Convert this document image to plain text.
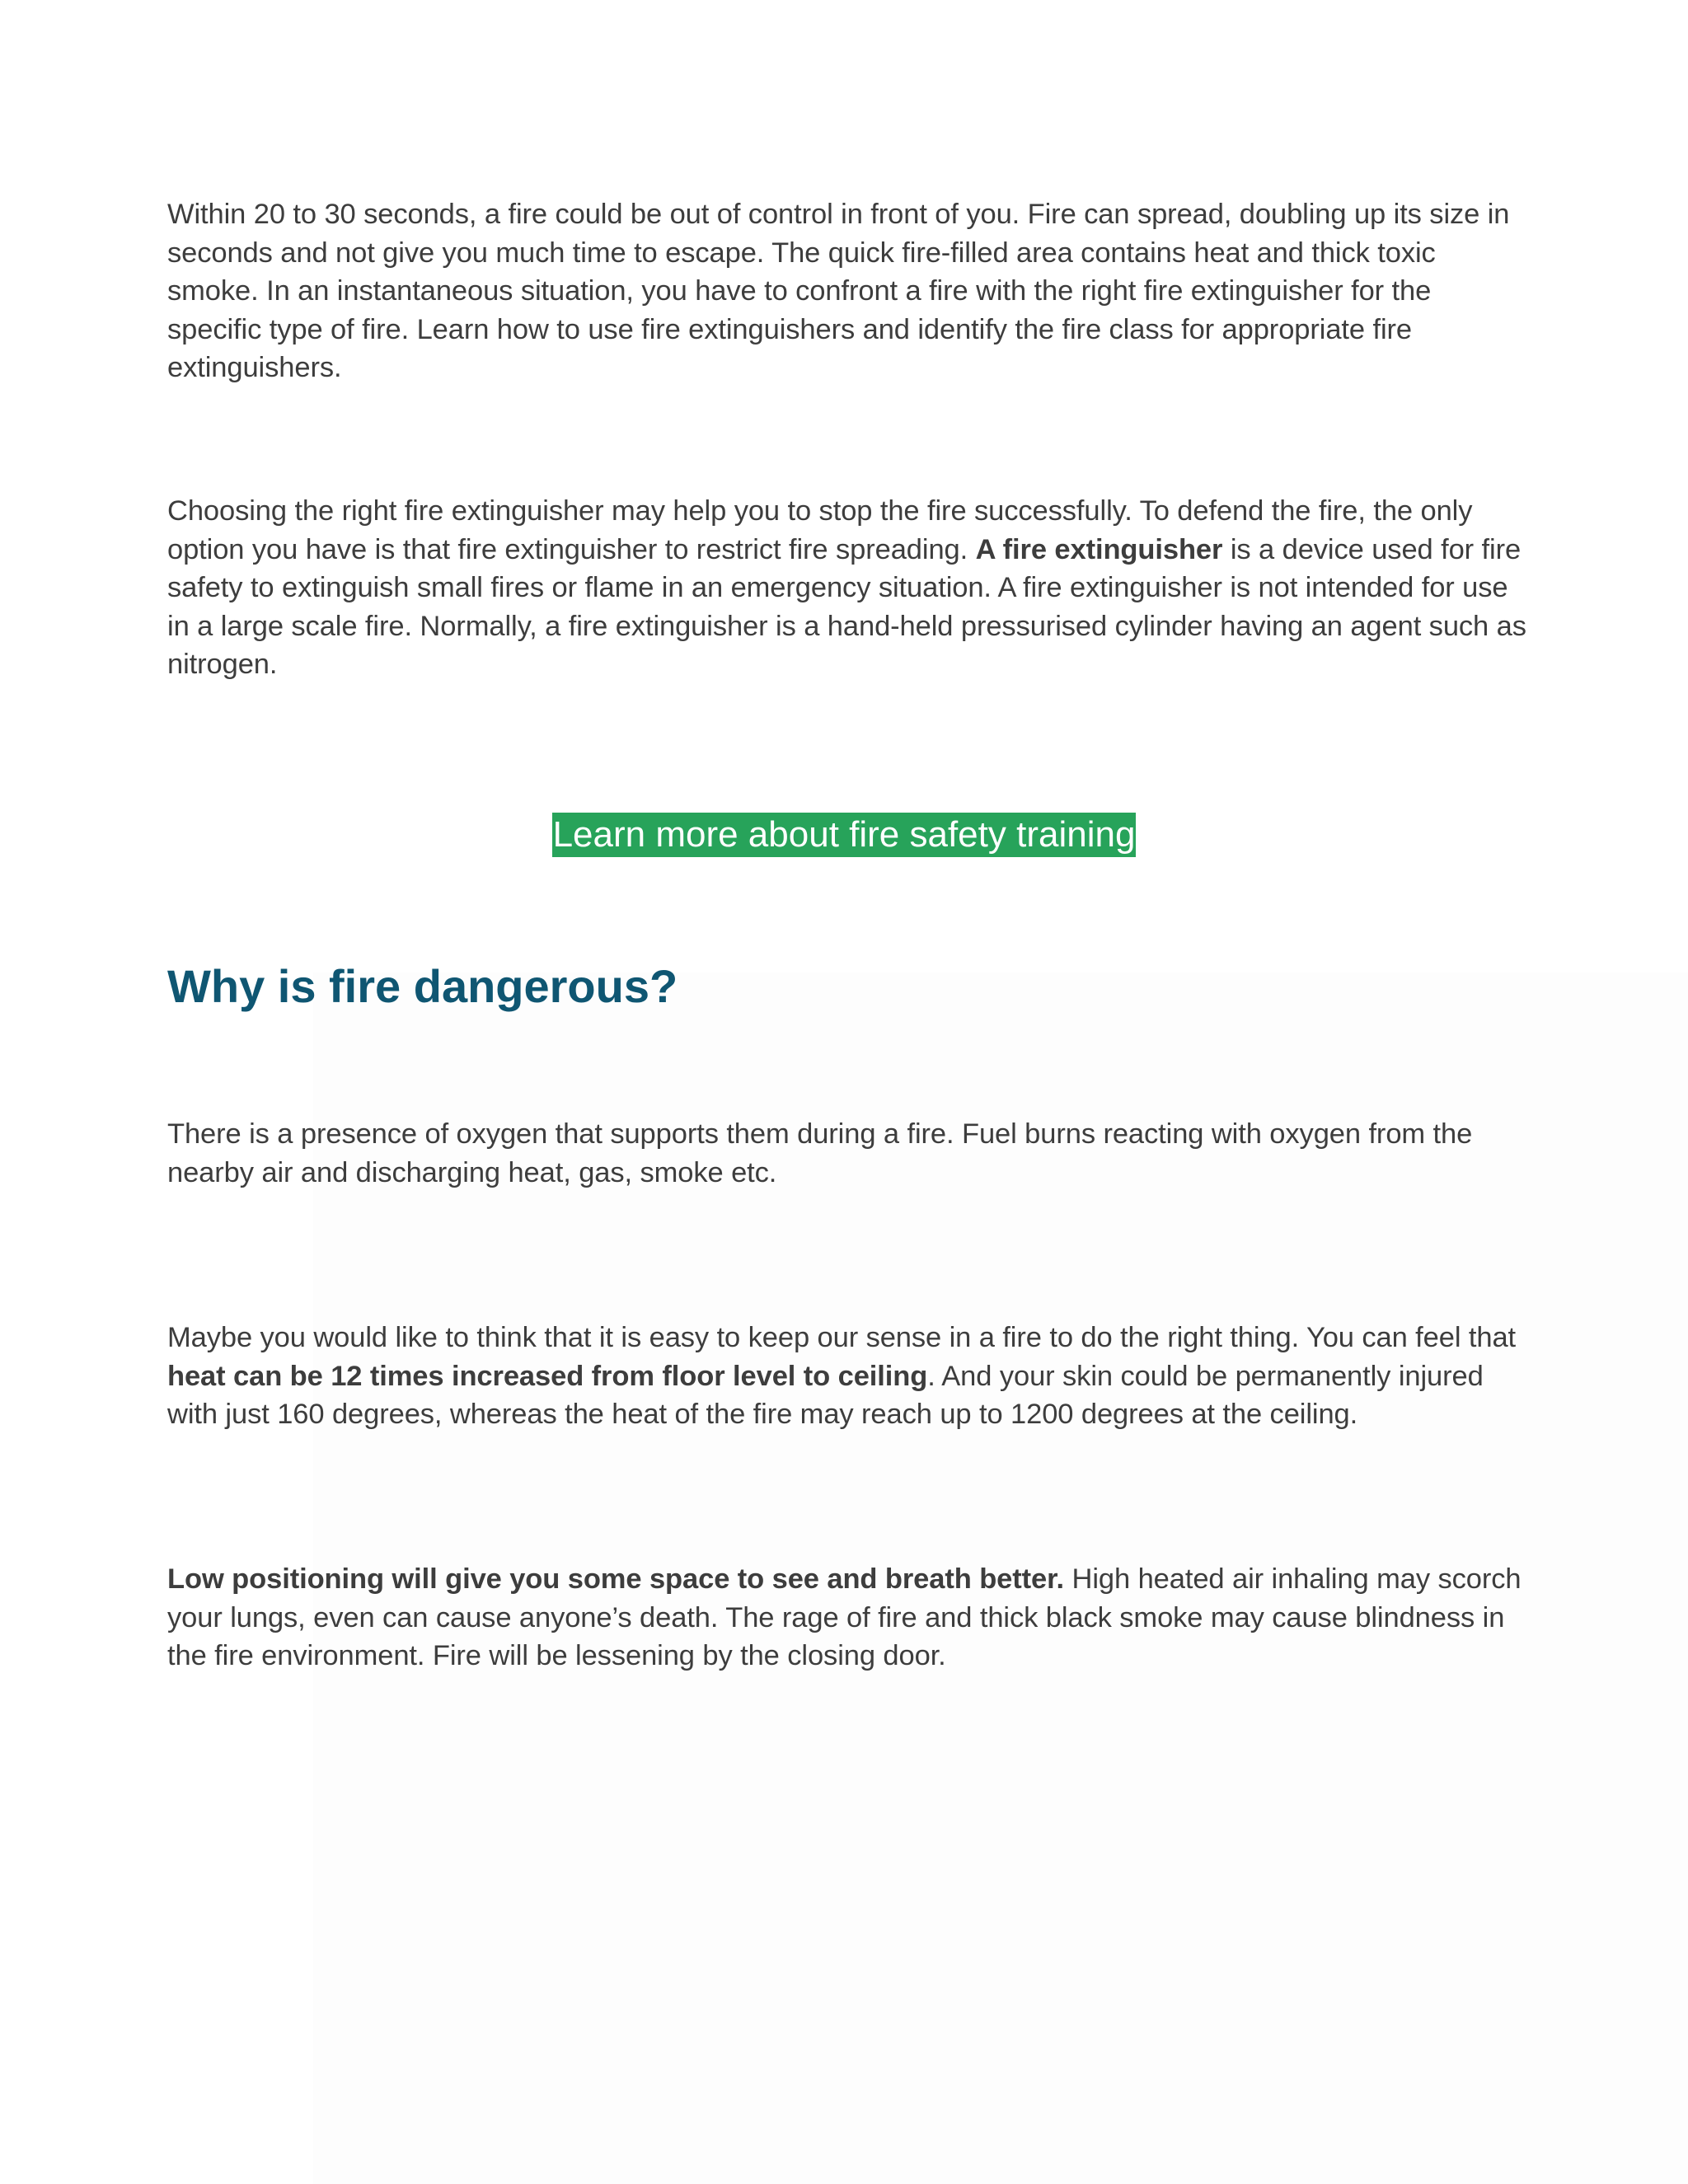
Within 20 to 30 seconds, a fire could be out of control in front of you. Fire can spread, doubling up its size in seconds and not give you much time to escape. The quick fire-filled area contains heat and thick toxic smoke. In an instantaneous situation, you have to confront a fire with the right fire extinguisher for the specific type of fire. Learn how to use fire extinguishers and identify the fire class for appropriate fire extinguishers.

Choosing the right fire extinguisher may help you to stop the fire successfully. To defend the fire, the only option you have is that fire extinguisher to restrict fire spreading. A fire extinguisher is a device used for fire safety to extinguish small fires or flame in an emergency situation. A fire extinguisher is not intended for use in a large scale fire. Normally, a fire extinguisher is a hand-held pressurised cylinder having an agent such as nitrogen.

Learn more about fire safety training
Why is fire dangerous?

There is a presence of oxygen that supports them during a fire. Fuel burns reacting with oxygen from the nearby air and discharging heat, gas, smoke etc.

Maybe you would like to think that it is easy to keep our sense in a fire to do the right thing. You can feel that heat can be 12 times increased from floor level to ceiling. And your skin could be permanently injured with just 160 degrees, whereas the heat of the fire may reach up to 1200 degrees at the ceiling.

Low positioning will give you some space to see and breath better. High heated air inhaling may scorch your lungs, even can cause anyone’s death. The rage of fire and thick black smoke may cause blindness in the fire environment. Fire will be lessening by the closing door.
